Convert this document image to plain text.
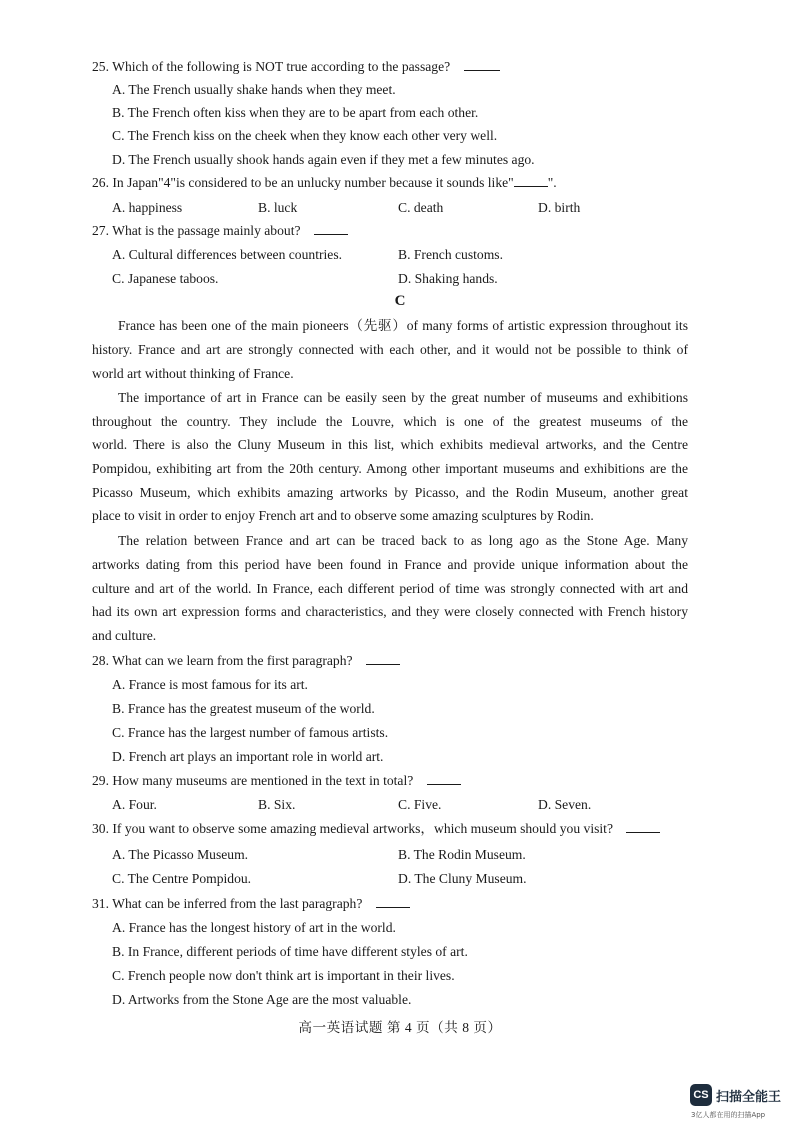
25. Which of the following is NOT true according to the passage?
A. The French usually shake hands when they meet.
B. The French often kiss when they are to be apart from each other.
C. The French kiss on the cheek when they know each other very well.
D. The French usually shook hands again even if they met a few minutes ago.
26. In Japan"4"is considered to be an unlucky number because it sounds like"	".
A. happiness	B. luck	C. death	D. birth
27. What is the passage mainly about?
A. Cultural differences between countries.	B. French customs.
C. Japanese taboos.	D. Shaking hands.
C
France has been one of the main pioneers（先驱）of many forms of artistic expression throughout its
history. France and art are strongly connected with each other, and it would not be possible to think of
world art without thinking of France.
The importance of art in France can be easily seen by the great number of museums and exhibitions
throughout the country. They include the Louvre, which is one of the greatest museums of the
world. There is also the Cluny Museum in this list, which exhibits medieval artworks, and the Centre
Pompidou, exhibiting art from the 20th century. Among other important museums and exhibitions are the
Picasso Museum, which exhibits amazing artworks by Picasso, and the Rodin Museum, another great
place to visit in order to enjoy French art and to observe some amazing sculptures by Rodin.
The relation between France and art can be traced back to as long ago as the Stone Age. Many
artworks dating from this period have been found in France and provide unique information about the
culture and art of the world. In France, each different period of time was strongly connected with art and
had its own art expression forms and characteristics, and they were closely connected with French history
and culture.
28. What can we learn from the first paragraph?
A. France is most famous for its art.
B. France has the greatest museum of the world.
C. France has the largest number of famous artists.
D. French art plays an important role in world art.
29. How many museums are mentioned in the text in total?
A. Four.	B. Six.	C. Five.	D. Seven.
30. If you want to observe some amazing medieval artworks，which museum should you visit?
A. The Picasso Museum.	B. The Rodin Museum.
C. The Centre Pompidou.	D. The Cluny Museum.
31. What can be inferred from the last paragraph?
A. France has the longest history of art in the world.
B. In France, different periods of time have different styles of art.
C. French people now don't think art is important in their lives.
D. Artworks from the Stone Age are the most valuable.
高一英语试题 第 4 页（共 8 页）
CS 扫描全能王
3亿人都在用的扫描App
